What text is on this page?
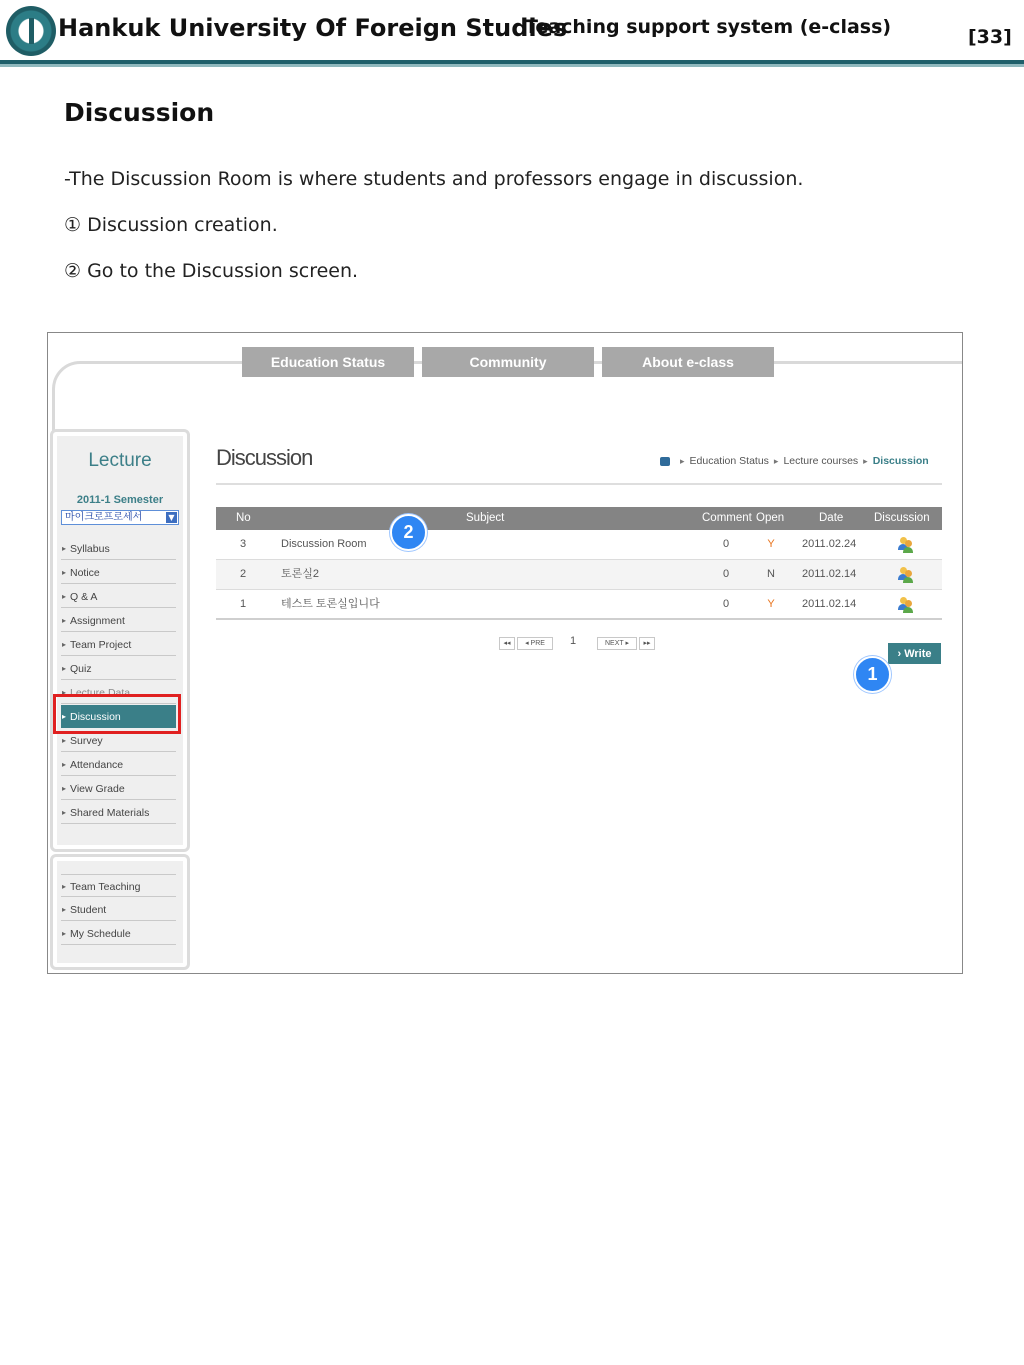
Hankuk University Of Foreign Studies
Teaching support system (e-class)	[33]
Discussion
-The Discussion Room is where students and professors engage in discussion.
① Discussion creation.
② Go to the Discussion screen.
Education Status	Community	About e-class
Lecture
2011-1 Semester
마이크로프로세서	▼
▸ Syllabus
▸ Notice
▸ Q & A
▸ Assignment
▸ Team Project
▸ Quiz
▸ Lecture Data
▸ Discussion
▸ Survey
▸ Attendance
▸ View Grade
▸ Shared Materials
▸ Team Teaching
▸ Student
▸ My Schedule
Discussion	▸ Education Status ▸ Lecture courses ▸ Discussion
No	Subject	Comment Open	Date	Discussion
3	Discussion Room	0	Y	2011.02.24
2	토론실2	0	N	2011.02.14
1	테스트 토론실입니다	0	Y	2011.02.14
◂◂	◂ PRE	1	NEXT ▸	▸▸
› Write
1
2
